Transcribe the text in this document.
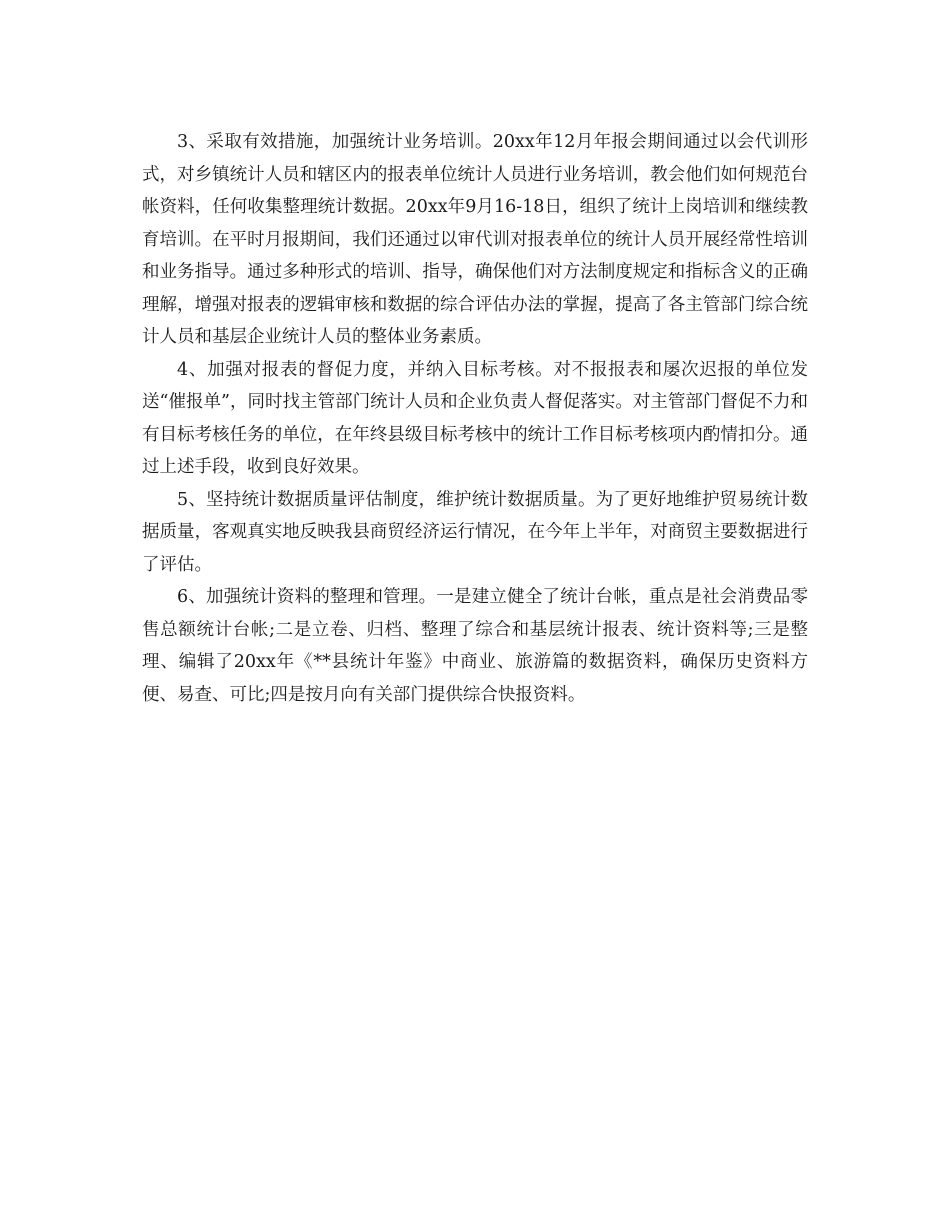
3、采取有效措施，加强统计业务培训。20xx年12月年报会期间通过以会代训形式，对乡镇统计人员和辖区内的报表单位统计人员进行业务培训，教会他们如何规范台帐资料，任何收集整理统计数据。20xx年9月16-18日，组织了统计上岗培训和继续教育培训。在平时月报期间，我们还通过以审代训对报表单位的统计人员开展经常性培训和业务指导。通过多种形式的培训、指导，确保他们对方法制度规定和指标含义的正确理解，增强对报表的逻辑审核和数据的综合评估办法的掌握，提高了各主管部门综合统计人员和基层企业统计人员的整体业务素质。

4、加强对报表的督促力度，并纳入目标考核。对不报报表和屡次迟报的单位发送“催报单”，同时找主管部门统计人员和企业负责人督促落实。对主管部门督促不力和有目标考核任务的单位，在年终县级目标考核中的统计工作目标考核项内酌情扣分。通过上述手段，收到良好效果。

5、坚持统计数据质量评估制度，维护统计数据质量。为了更好地维护贸易统计数据质量，客观真实地反映我县商贸经济运行情况，在今年上半年，对商贸主要数据进行了评估。

6、加强统计资料的整理和管理。一是建立健全了统计台帐，重点是社会消费品零售总额统计台帐;二是立卷、归档、整理了综合和基层统计报表、统计资料等;三是整理、编辑了20xx年《**县统计年鉴》中商业、旅游篇的数据资料，确保历史资料方便、易查、可比;四是按月向有关部门提供综合快报资料。
